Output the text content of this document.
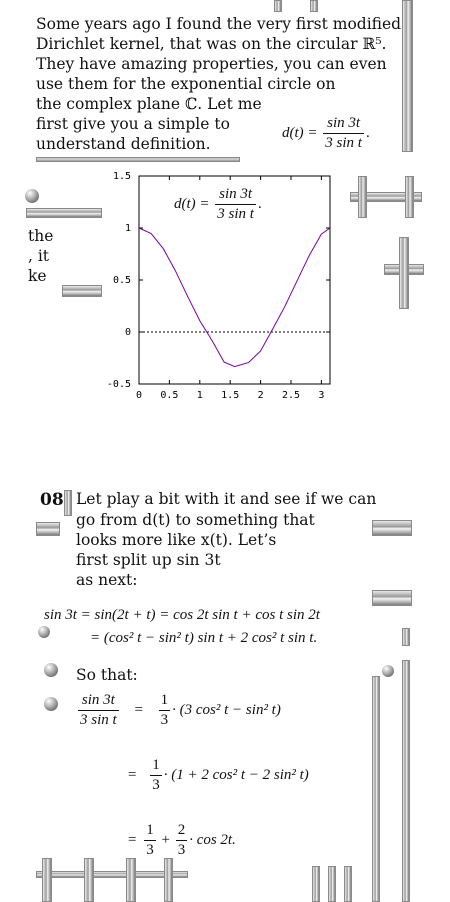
Some years ago I found the very first modified
Dirichlet kernel, that was on the circular ℝ⁵.
They have amazing properties, you can even
use them for the exponential circle on
the complex plane ℂ. Let me
first give you a simple to
understand definition.
$d(t) = \frac{\sin 3t}{\text{3 sin t}}$ .
the
, it
ke
0 0.5 1 1.5 2 2.5 3
-0.5
0
0.5
1
1.5
$d(t) = \frac{\sin 3t}{\text{3 sin t}}$ .
08 Let play a bit with it and see if we can
go from d(t) to something that
looks more like x(t). Let’s
first split up sin 3t
as next:
sin 3t = sin(2t + t) = cos 2t sin t + cos t sin 2t
= (cos² t − sin² t) sin t + 2 cos² t sin t.
So that:
$\frac{\sin 3t}{\text{3 sin t}} = \frac{1}{3} \cdot (3$ cos² t − sin² t)
= $\frac{1}{3} \cdot (1 + 2$ cos² t − 2 sin² t)
= $\frac{1}{3} + \frac{2}{3} \cdot \cos 2t$.
